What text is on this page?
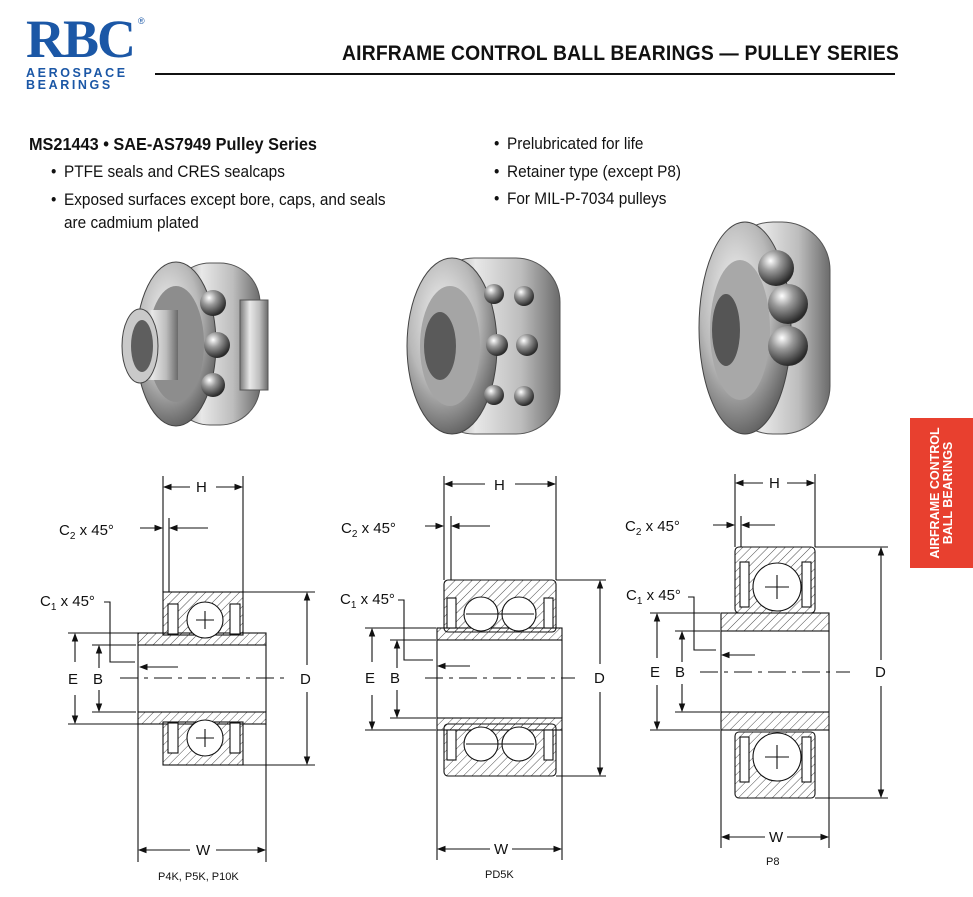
RBC ®
AEROSPACE
BEARINGS
AIRFRAME CONTROL BALL BEARINGS — PULLEY SERIES
MS21443 • SAE-AS7949 Pulley Series
• PTFE seals and CRES sealcaps
• Exposed surfaces except bore, caps, and seals
are cadmium plated
• Prelubricated for life
• Retainer type (except P8)
• For MIL-P-7034 pulleys
AIRFRAME CONTROL BALL BEARINGS
H
$C_2$ x 45°
$C_1$ x 45°
E B	D
W
P4K, P5K, P10K
H
$C_2$ x 45°
$C_1$ x 45°
E B	D
W
PD5K
H
$C_2$ x 45°
$C_1$ x 45°
E B	D
W
P8
